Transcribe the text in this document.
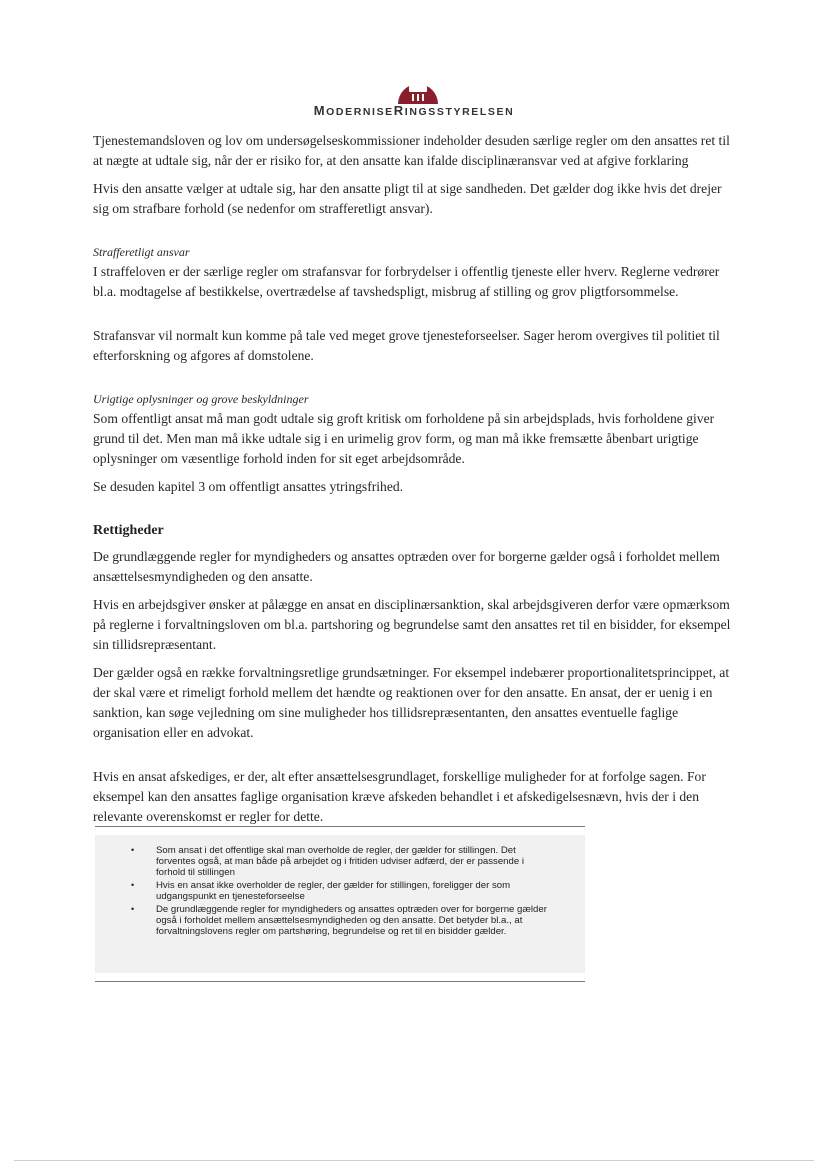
MODERNISERINGSSTYRELSEN

Tjenestemandsloven og lov om undersøgelseskommissioner indeholder desuden særlige regler om den ansattes ret til at nægte at udtale sig, når der er risiko for, at den ansatte kan ifalde disciplinæransvar ved at afgive forklaring

Hvis den ansatte vælger at udtale sig, har den ansatte pligt til at sige sandheden. Det gælder dog ikke hvis det drejer sig om strafbare forhold (se nedenfor om strafferetligt ansvar).

Strafferetligt ansvar

I straffeloven er der særlige regler om strafansvar for forbrydelser i offentlig tjeneste eller hverv. Reglerne vedrører bl.a. modtagelse af bestikkelse, overtrædelse af tavshedspligt, misbrug af stilling og grov pligtforsommelse.

Strafansvar vil normalt kun komme på tale ved meget grove tjenesteforseelser. Sager herom overgives til politiet til efterforskning og afgores af domstolene.

Urigtige oplysninger og grove beskyldninger

Som offentligt ansat må man godt udtale sig groft kritisk om forholdene på sin arbejdsplads, hvis forholdene giver grund til det. Men man må ikke udtale sig i en urimelig grov form, og man må ikke fremsætte åbenbart urigtige oplysninger om væsentlige forhold inden for sit eget arbejdsområde.

Se desuden kapitel 3 om offentligt ansattes ytringsfrihed.

Rettigheder

De grundlæggende regler for myndigheders og ansattes optræden over for borgerne gælder også i forholdet mellem ansættelsesmyndigheden og den ansatte.

Hvis en arbejdsgiver ønsker at pålægge en ansat en disciplinærsanktion, skal arbejdsgiveren derfor være opmærksom på reglerne i forvaltningsloven om bl.a. partshoring og begrundelse samt den ansattes ret til en bisidder, for eksempel sin tillidsrepræsentant.

Der gælder også en række forvaltningsretlige grundsætninger. For eksempel indebærer proportionalitetsprincippet, at der skal være et rimeligt forhold mellem det hændte og reaktionen over for den ansatte. En ansat, der er uenig i en sanktion, kan søge vejledning om sine muligheder hos tillidsrepræsentanten, den ansattes eventuelle faglige organisation eller en advokat.

Hvis en ansat afskediges, er der, alt efter ansættelsesgrundlaget, forskellige muligheder for at forfolge sagen. For eksempel kan den ansattes faglige organisation kræve afskeden behandlet i et afskedigelsesnævn, hvis der i den relevante overenskomst er regler for dette.

• Som ansat i det offentlige skal man overholde de regler, der gælder for stillingen. Det forventes også, at man både på arbejdet og i fritiden udviser adfærd, der er passende i forhold til stillingen
• Hvis en ansat ikke overholder de regler, der gælder for stillingen, foreligger der som udgangspunkt en tjenesteforseelse
• De grundlæggende regler for myndigheders og ansattes optræden over for borgerne gælder også i forholdet mellem ansættelsesmyndigheden og den ansatte. Det betyder bl.a., at forvaltningslovens regler om partshøring, begrundelse og ret til en bisidder gælder.
